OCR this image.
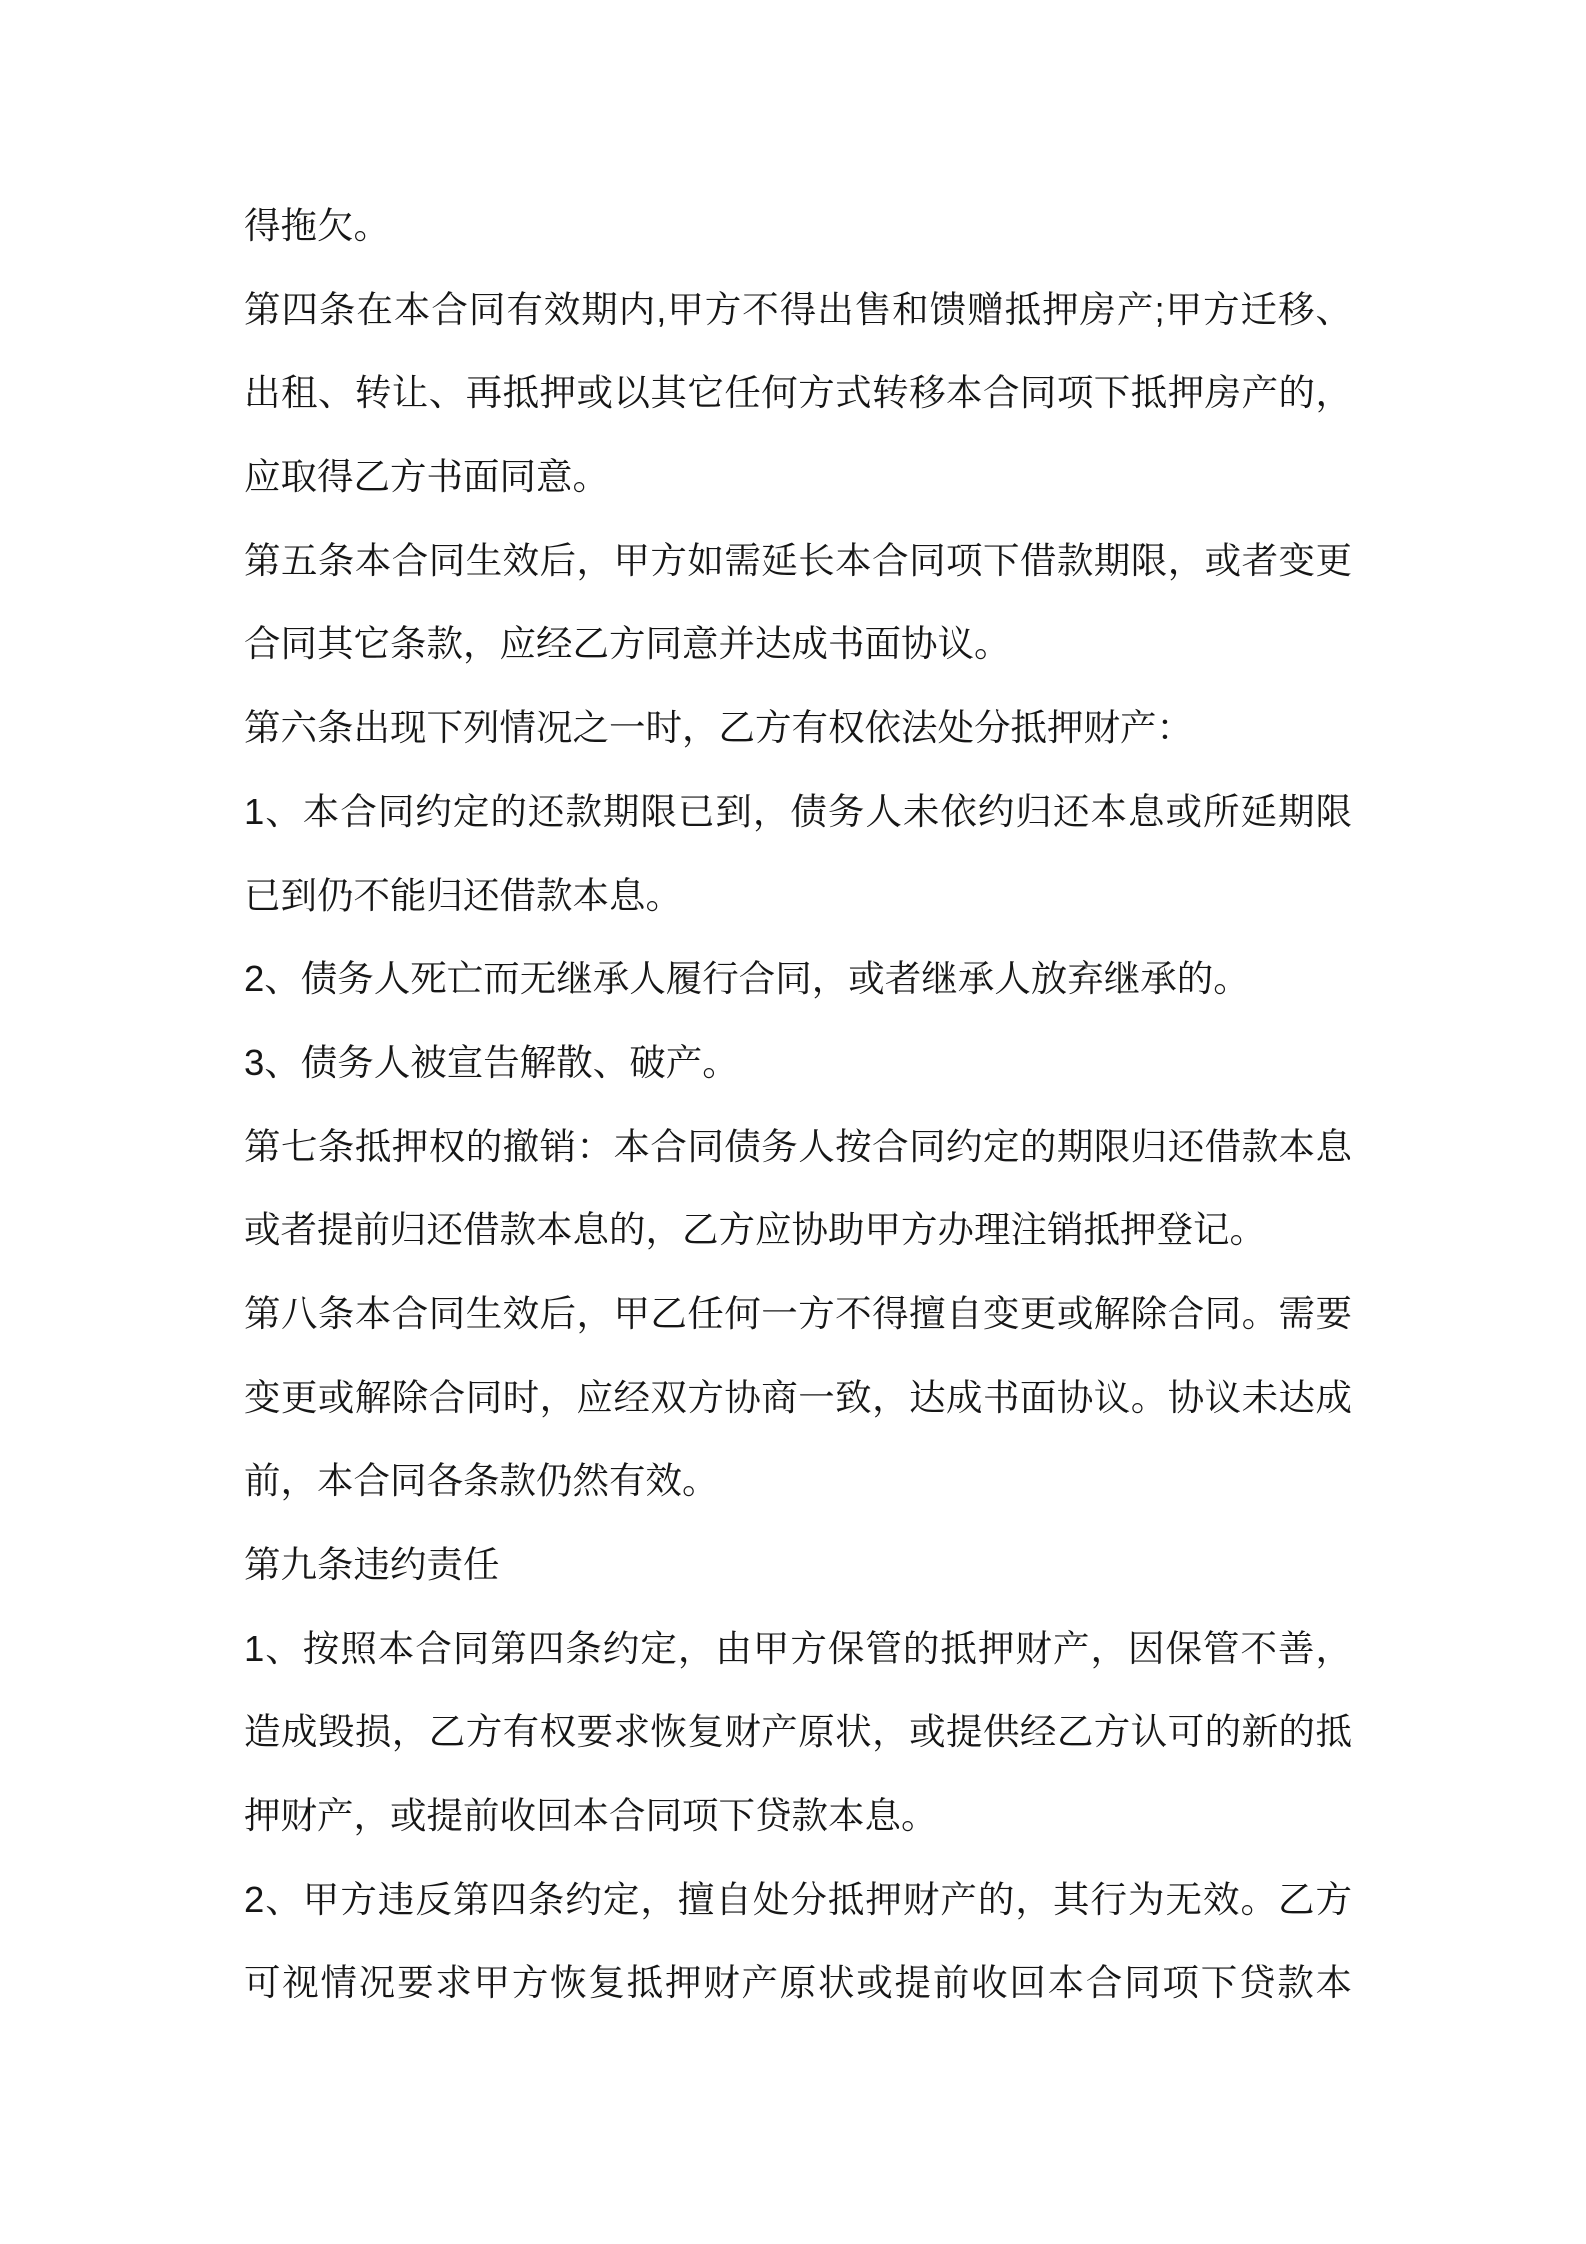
得拖欠。
第四条在本合同有效期内,甲方不得出售和馈赠抵押房产;甲方迁移、
出租、转让、再抵押或以其它任何方式转移本合同项下抵押房产的，
应取得乙方书面同意。
第五条本合同生效后，甲方如需延长本合同项下借款期限，或者变更
合同其它条款，应经乙方同意并达成书面协议。
第六条出现下列情况之一时，乙方有权依法处分抵押财产：
1、本合同约定的还款期限已到，债务人未依约归还本息或所延期限
已到仍不能归还借款本息。
2、债务人死亡而无继承人履行合同，或者继承人放弃继承的。
3、债务人被宣告解散、破产。
第七条抵押权的撤销：本合同债务人按合同约定的期限归还借款本息
或者提前归还借款本息的，乙方应协助甲方办理注销抵押登记。
第八条本合同生效后，甲乙任何一方不得擅自变更或解除合同。需要
变更或解除合同时，应经双方协商一致，达成书面协议。协议未达成
前，本合同各条款仍然有效。
第九条违约责任
1、按照本合同第四条约定，由甲方保管的抵押财产，因保管不善，
造成毁损，乙方有权要求恢复财产原状，或提供经乙方认可的新的抵
押财产，或提前收回本合同项下贷款本息。
2、甲方违反第四条约定，擅自处分抵押财产的，其行为无效。乙方
可视情况要求甲方恢复抵押财产原状或提前收回本合同项下贷款本
